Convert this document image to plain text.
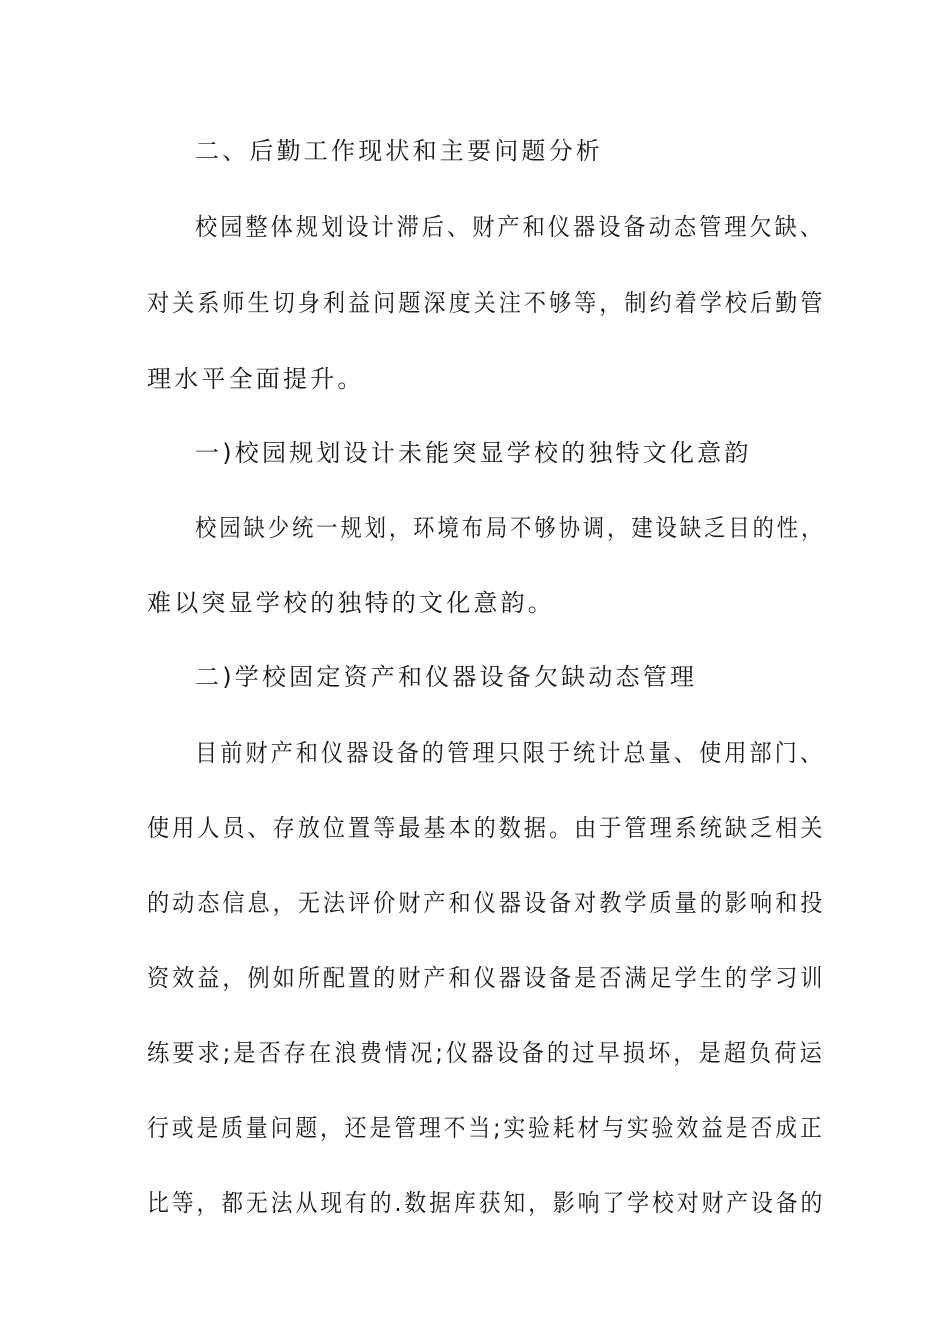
二、后勤工作现状和主要问题分析
校园整体规划设计滞后、财产和仪器设备动态管理欠缺、
对关系师生切身利益问题深度关注不够等，制约着学校后勤管
理水平全面提升。
一)校园规划设计未能突显学校的独特文化意韵
校园缺少统一规划，环境布局不够协调，建设缺乏目的性，
难以突显学校的独特的文化意韵。
二)学校固定资产和仪器设备欠缺动态管理
目前财产和仪器设备的管理只限于统计总量、使用部门、
使用人员、存放位置等最基本的数据。由于管理系统缺乏相关
的动态信息，无法评价财产和仪器设备对教学质量的影响和投
资效益，例如所配置的财产和仪器设备是否满足学生的学习训
练要求;是否存在浪费情况;仪器设备的过早损坏，是超负荷运
行或是质量问题，还是管理不当;实验耗材与实验效益是否成正
比等，都无法从现有的.数据库获知，影响了学校对财产设备的
